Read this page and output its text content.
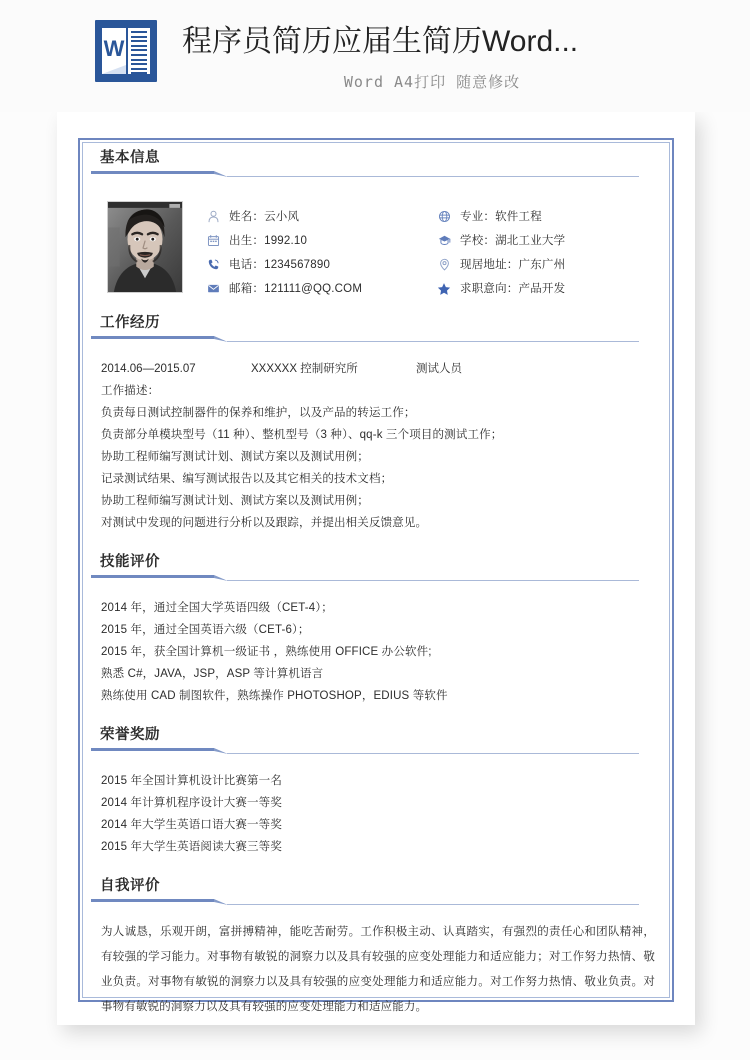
W 程序员简历应届生简历Word...
Word A4打印 随意修改
基本信息
姓名：云小风
出生：1992.10
电话：1234567890
邮箱：121111@QQ.COM
专业：软件工程
学校：湖北工业大学
现居地址：广东广州
求职意向：产品开发
工作经历
2014.06—2015.07	XXXXXX 控制研究所	测试人员
工作描述：
负责每日测试控制器件的保养和维护，以及产品的转运工作；
负责部分单模块型号（11 种）、整机型号（3 种）、qq-k 三个项目的测试工作；
协助工程师编写测试计划、测试方案以及测试用例；
记录测试结果、编写测试报告以及其它相关的技术文档；
协助工程师编写测试计划、测试方案以及测试用例；
对测试中发现的问题进行分析以及跟踪，并提出相关反馈意见。
技能评价
2014 年，通过全国大学英语四级（CET-4）；
2015 年，通过全国英语六级（CET-6）；
2015 年，获全国计算机一级证书 ，熟练使用 OFFICE 办公软件;
熟悉 C#，JAVA，JSP，ASP 等计算机语言
熟练使用 CAD 制图软件，熟练操作 PHOTOSHOP，EDIUS 等软件
荣誉奖励
2015 年全国计算机设计比赛第一名
2014 年计算机程序设计大赛一等奖
2014 年大学生英语口语大赛一等奖
2015 年大学生英语阅读大赛三等奖
自我评价
为人诚恳，乐观开朗，富拼搏精神，能吃苦耐劳。工作积极主动、认真踏实，有强烈的责任心和团队精神，有较强的学习能力。对事物有敏锐的洞察力以及具有较强的应变处理能力和适应能力；对工作努力热情、敬业负责。对事物有敏锐的洞察力以及具有较强的应变处理能力和适应能力。对工作努力热情、敬业负责。对事物有敏锐的洞察力以及具有较强的应变处理能力和适应能力。
